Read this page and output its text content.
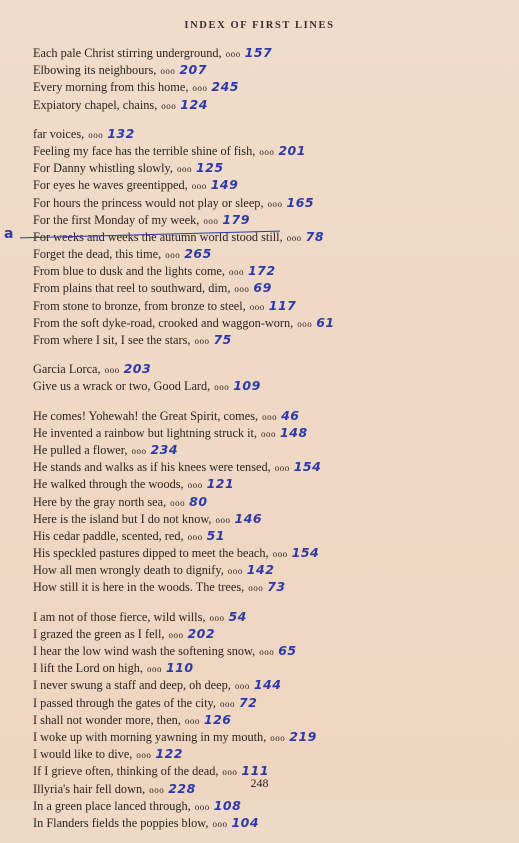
INDEX OF FIRST LINES
Each pale Christ stirring underground, ooo 157
Elbowing its neighbours, ooo 207
Every morning from this home, ooo 245
Expiatory chapel, chains, ooo 124
far voices, ooo 132
Feeling my face has the terrible shine of fish, ooo 201
For Danny whistling slowly, ooo 125
For eyes he waves greentipped, ooo 149
For hours the princess would not play or sleep, ooo 165
For the first Monday of my week, ooo 179
For weeks and weeks the autumn world stood still, ooo 78
Forget the dead, this time, ooo 265
From blue to dusk and the lights come, ooo 172
From plains that reel to southward, dim, ooo 69
From stone to bronze, from bronze to steel, ooo 117
From the soft dyke-road, crooked and waggon-worn, ooo 61
From where I sit, I see the stars, ooo 75
Garcia Lorca, ooo 203
Give us a wrack or two, Good Lard, ooo 109
He comes! Yohewah! the Great Spirit, comes, ooo 46
He invented a rainbow but lightning struck it, ooo 148
He pulled a flower, ooo 234
He stands and walks as if his knees were tensed, ooo 154
He walked through the woods, ooo 121
Here by the gray north sea, ooo 80
Here is the island but I do not know, ooo 146
His cedar paddle, scented, red, ooo 51
His speckled pastures dipped to meet the beach, ooo 154
How all men wrongly death to dignify, ooo 142
How still it is here in the woods. The trees, ooo 73
I am not of those fierce, wild wills, ooo 54
I grazed the green as I fell, ooo 202
I hear the low wind wash the softening snow, ooo 65
I lift the Lord on high, ooo 110
I never swung a staff and deep, oh deep, ooo 144
I passed through the gates of the city, ooo 72
I shall not wonder more, then, ooo 126
I woke up with morning yawning in my mouth, ooo 219
I would like to dive, ooo 122
If I grieve often, thinking of the dead, ooo 111
Illyria's hair fell down, ooo 228
In a green place lanced through, ooo 108
In Flanders fields the poppies blow, ooo 104
a
248
